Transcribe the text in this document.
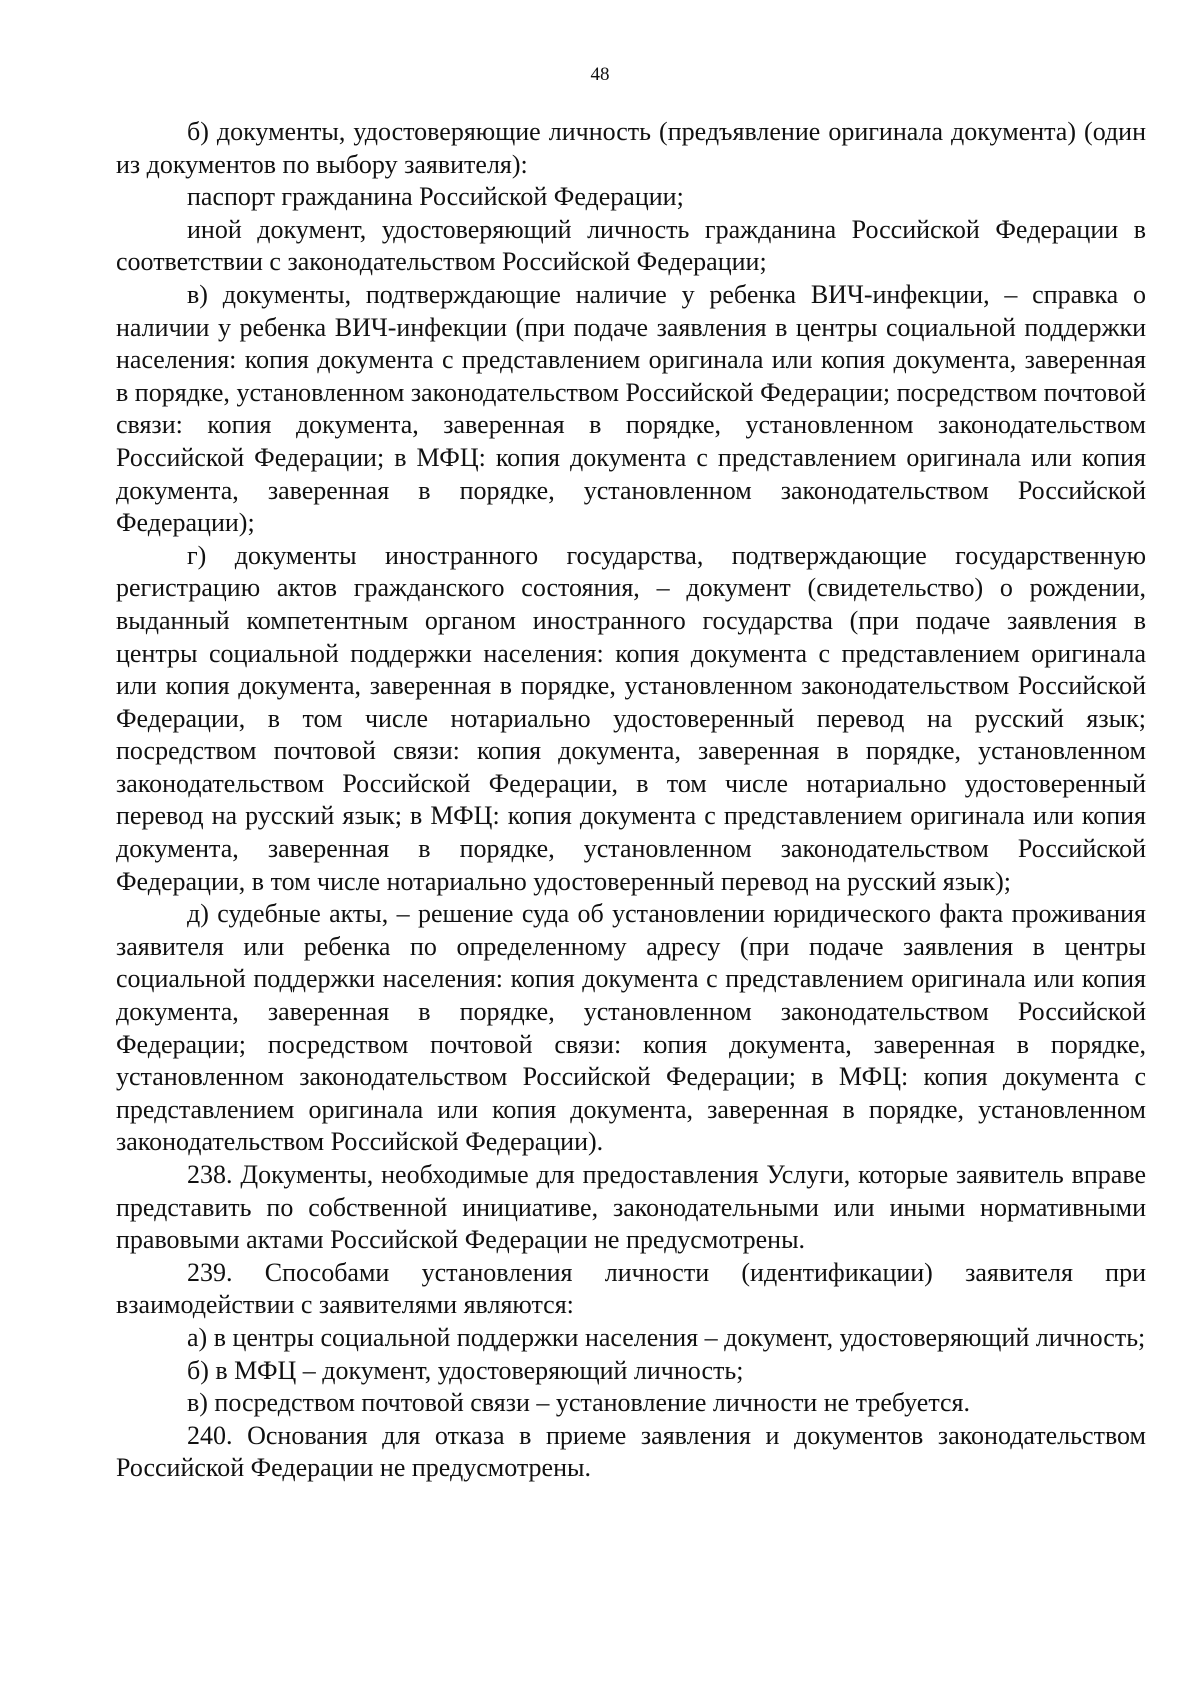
48

б) документы, удостоверяющие личность (предъявление оригинала документа) (один из документов по выбору заявителя):

паспорт гражданина Российской Федерации;

иной документ, удостоверяющий личность гражданина Российской Федерации в соответствии с законодательством Российской Федерации;

в) документы, подтверждающие наличие у ребенка ВИЧ-инфекции, – справка о наличии у ребенка ВИЧ-инфекции (при подаче заявления в центры социальной поддержки населения: копия документа с представлением оригинала или копия документа, заверенная в порядке, установленном законодательством Российской Федерации; посредством почтовой связи: копия документа, заверенная в порядке, установленном законодательством Российской Федерации; в МФЦ: копия документа с представлением оригинала или копия документа, заверенная в порядке, установленном законодательством Российской Федерации);

г) документы иностранного государства, подтверждающие государственную регистрацию актов гражданского состояния, – документ (свидетельство) о рождении, выданный компетентным органом иностранного государства (при подаче заявления в центры социальной поддержки населения: копия документа с представлением оригинала или копия документа, заверенная в порядке, установленном законодательством Российской Федерации, в том числе нотариально удостоверенный перевод на русский язык; посредством почтовой связи: копия документа, заверенная в порядке, установленном законодательством Российской Федерации, в том числе нотариально удостоверенный перевод на русский язык; в МФЦ: копия документа с представлением оригинала или копия документа, заверенная в порядке, установленном законодательством Российской Федерации, в том числе нотариально удостоверенный перевод на русский язык);

д) судебные акты, – решение суда об установлении юридического факта проживания заявителя или ребенка по определенному адресу (при подаче заявления в центры социальной поддержки населения: копия документа с представлением оригинала или копия документа, заверенная в порядке, установленном законодательством Российской Федерации; посредством почтовой связи: копия документа, заверенная в порядке, установленном законодательством Российской Федерации; в МФЦ: копия документа с представлением оригинала или копия документа, заверенная в порядке, установленном законодательством Российской Федерации).

238. Документы, необходимые для предоставления Услуги, которые заявитель вправе представить по собственной инициативе, законодательными или иными нормативными правовыми актами Российской Федерации не предусмотрены.

239. Способами установления личности (идентификации) заявителя при взаимодействии с заявителями являются:

а) в центры социальной поддержки населения – документ, удостоверяющий личность;

б) в МФЦ – документ, удостоверяющий личность;

в) посредством почтовой связи – установление личности не требуется.

240. Основания для отказа в приеме заявления и документов законодательством Российской Федерации не предусмотрены.
